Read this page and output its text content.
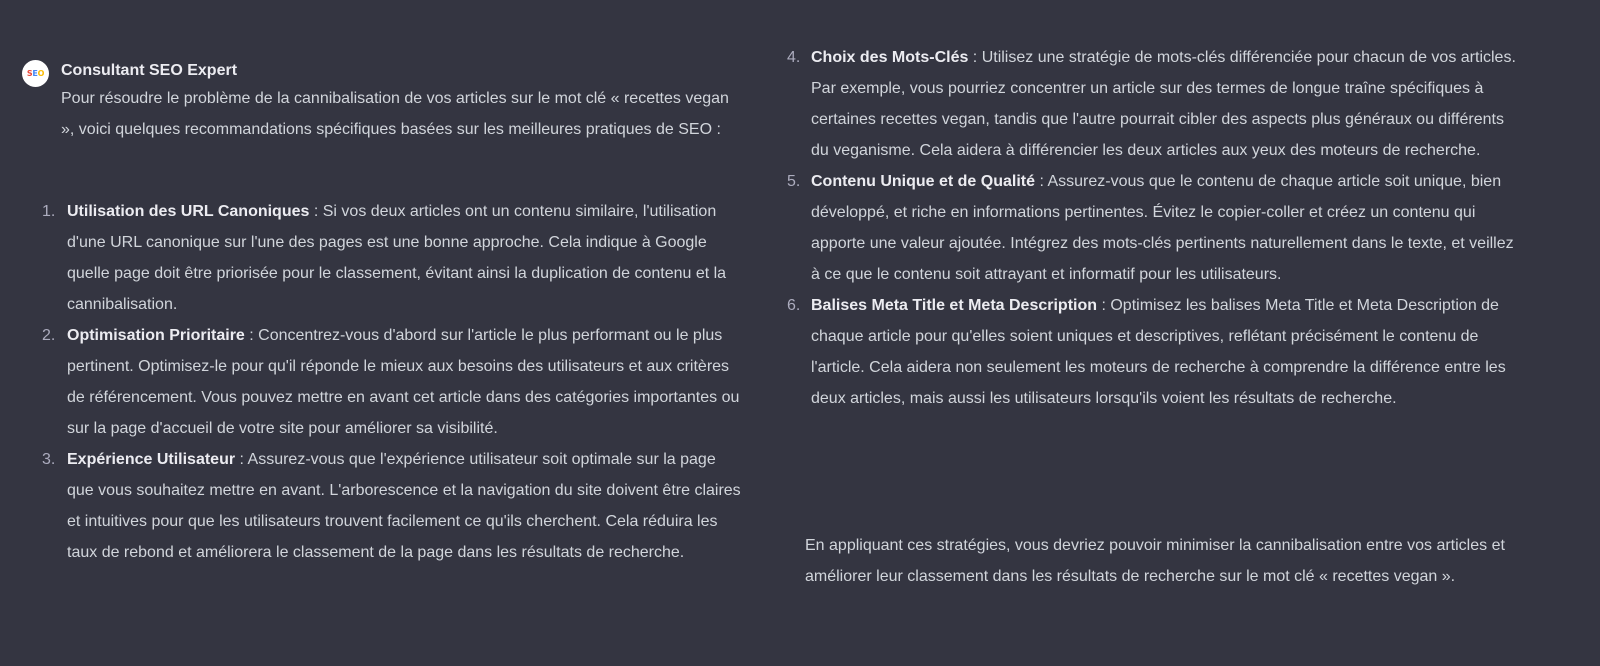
S E O Consultant SEO Expert
Pour résoudre le problème de la cannibalisation de vos articles sur le mot clé « recettes vegan », voici quelques recommandations spécifiques basées sur les meilleures pratiques de SEO :
1. Utilisation des URL Canoniques : Si vos deux articles ont un contenu similaire, l'utilisation d'une URL canonique sur l'une des pages est une bonne approche. Cela indique à Google quelle page doit être priorisée pour le classement, évitant ainsi la duplication de contenu et la cannibalisation.
2. Optimisation Prioritaire : Concentrez-vous d'abord sur l'article le plus performant ou le plus pertinent. Optimisez-le pour qu'il réponde le mieux aux besoins des utilisateurs et aux critères de référencement. Vous pouvez mettre en avant cet article dans des catégories importantes ou sur la page d'accueil de votre site pour améliorer sa visibilité.
3. Expérience Utilisateur : Assurez-vous que l'expérience utilisateur soit optimale sur la page que vous souhaitez mettre en avant. L'arborescence et la navigation du site doivent être claires et intuitives pour que les utilisateurs trouvent facilement ce qu'ils cherchent. Cela réduira les taux de rebond et améliorera le classement de la page dans les résultats de recherche.
4. Choix des Mots-Clés : Utilisez une stratégie de mots-clés différenciée pour chacun de vos articles. Par exemple, vous pourriez concentrer un article sur des termes de longue traîne spécifiques à certaines recettes vegan, tandis que l'autre pourrait cibler des aspects plus généraux ou différents du veganisme. Cela aidera à différencier les deux articles aux yeux des moteurs de recherche.
5. Contenu Unique et de Qualité : Assurez-vous que le contenu de chaque article soit unique, bien développé, et riche en informations pertinentes. Évitez le copier-coller et créez un contenu qui apporte une valeur ajoutée. Intégrez des mots-clés pertinents naturellement dans le texte, et veillez à ce que le contenu soit attrayant et informatif pour les utilisateurs.
6. Balises Meta Title et Meta Description : Optimisez les balises Meta Title et Meta Description de chaque article pour qu'elles soient uniques et descriptives, reflétant précisément le contenu de l'article. Cela aidera non seulement les moteurs de recherche à comprendre la différence entre les deux articles, mais aussi les utilisateurs lorsqu'ils voient les résultats de recherche.
En appliquant ces stratégies, vous devriez pouvoir minimiser la cannibalisation entre vos articles et améliorer leur classement dans les résultats de recherche sur le mot clé « recettes vegan ».
